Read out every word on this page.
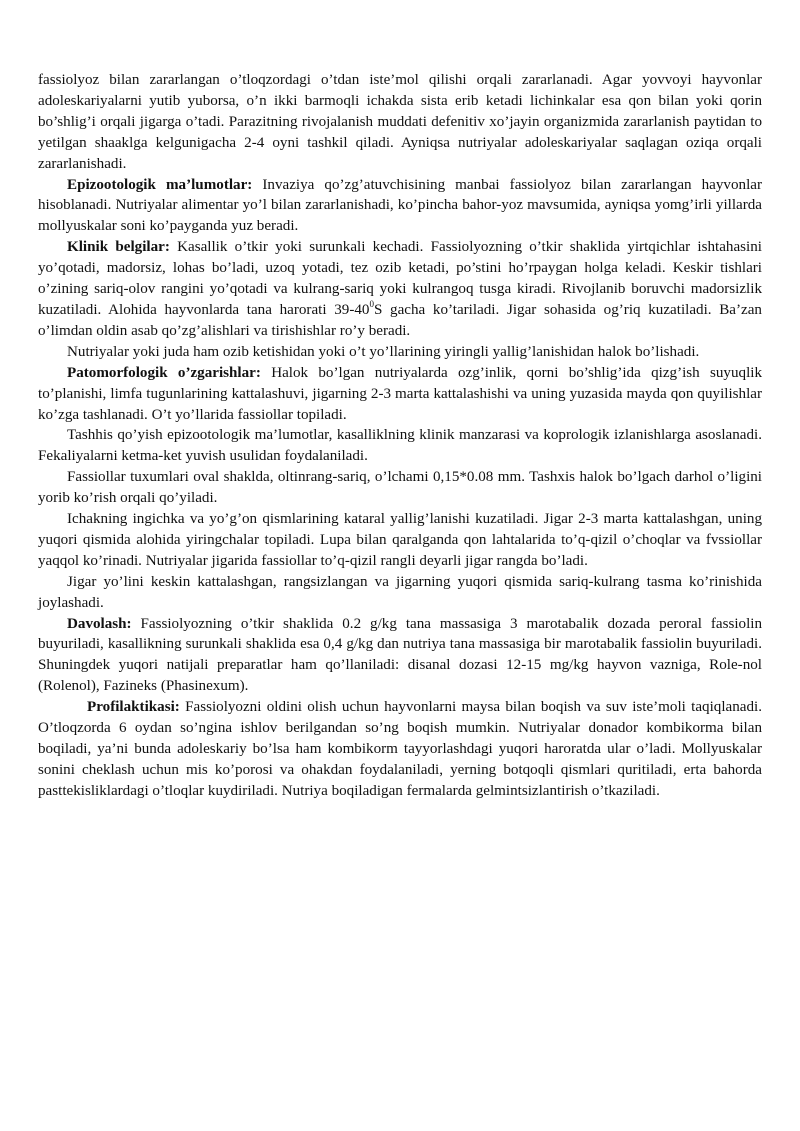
fassiolyoz bilan zararlangan o’tloqzordagi o’tdan iste’mol qilishi orqali zararlanadi. Agar yovvoyi hayvonlar adoleskariyalarni yutib yuborsa, o’n ikki barmoqli ichakda sista erib ketadi lichinkalar esa qon bilan yoki qorin bo’shlig’i orqali jigarga o’tadi. Parazitning rivojalanish muddati defenitiv xo’jayin organizmida zararlanish paytidan to yetilgan shaaklga kelgunigacha 2-4 oyni tashkil qiladi. Ayniqsa nutriyalar adoleskariyalar saqlagan oziqa orqali zararlanishadi.

Epizootologik ma’lumotlar: Invaziya qo’zg’atuvchisining manbai fassiolyoz bilan zararlangan hayvonlar hisoblanadi. Nutriyalar alimentar yo’l bilan zararlanishadi, ko’pincha bahor-yoz mavsumida, ayniqsa yomg’irli yillarda mollyuskalar soni ko’payganda yuz beradi.

Klinik belgilar: Kasallik o’tkir yoki surunkali kechadi. Fassiolyozning o’tkir shaklida yirtqichlar ishtahasini yo’qotadi, madorsiz, lohas bo’ladi, uzoq yotadi, tez ozib ketadi, po’stini ho’rpaygan holga keladi. Keskir tishlari o’zining sariq-olov rangini yo’qotadi va kulrang-sariq yoki kulrangoq tusga kiradi. Rivojlanib boruvchi madorsizlik kuzatiladi. Alohida hayvonlarda tana harorati $39-40^0S$ gacha ko’tariladi. Jigar sohasida og’riq kuzatiladi. Ba’zan o’limdan oldin asab qo’zg’alishlari va tirishishlar ro’y beradi.

Nutriyalar yoki juda ham ozib ketishidan yoki o’t yo’llarining yiringli yallig’lanishidan halok bo’lishadi.

Patomorfologik o’zgarishlar: Halok bo’lgan nutriyalarda ozg’inlik, qorni bo’shlig’ida qizg’ish suyuqlik to’planishi, limfa tugunlarining kattalashuvi, jigarning 2-3 marta kattalashishi va uning yuzasida mayda qon quyilishlar ko’zga tashlanadi. O’t yo’llarida fassiollar topiladi.

Tashhis qo’yish epizootologik ma’lumotlar, kasalliklning klinik manzarasi va koprologik izlanishlarga asoslanadi. Fekaliyalarni ketma-ket yuvish usulidan foydalaniladi.

Fassiollar tuxumlari oval shaklda, oltinrang-sariq, o’lchami 0,15*0.08 mm. Tashxis halok bo’lgach darhol o’ligini yorib ko’rish orqali qo’yiladi.

Ichakning ingichka va yo’g’on qismlarining kataral yallig’lanishi kuzatiladi. Jigar 2-3 marta kattalashgan, uning yuqori qismida alohida yiringchalar topiladi. Lupa bilan qaralganda qon lahtalarida to’q-qizil o’choqlar va fvssiollar yaqqol ko’rinadi. Nutriyalar jigarida fassiollar to’q-qizil rangli deyarli jigar rangda bo’ladi.

Jigar yo’lini keskin kattalashgan, rangsizlangan va jigarning yuqori qismida sariq-kulrang tasma ko’rinishida joylashadi.

Davolash: Fassiolyozning o’tkir shaklida 0.2 g/kg tana massasiga 3 marotabalik dozada peroral fassiolin buyuriladi, kasallikning surunkali shaklida esa 0,4 g/kg dan nutriya tana massasiga bir marotabalik fassiolin buyuriladi. Shuningdek yuqori natijali preparatlar ham qo’llaniladi: disanal dozasi 12-15 mg/kg hayvon vazniga, Role-nol (Rolenol), Fazineks (Phasinexum).

Profilaktikasi: Fassiolyozni oldini olish uchun hayvonlarni maysa bilan boqish va suv iste’moli taqiqlanadi. O’tloqzorda 6 oydan so’ngina ishlov berilgandan so’ng boqish mumkin. Nutriyalar donador kombikorma bilan boqiladi, ya’ni bunda adoleskariy bo’lsa ham kombikorm tayyorlashdagi yuqori haroratda ular o’ladi. Mollyuskalar sonini cheklash uchun mis ko’porosi va ohakdan foydalaniladi, yerning botqoqli qismlari quritiladi, erta bahorda pasttekisliklardagi o’tloqlar kuydiriladi. Nutriya boqiladigan fermalarda gelmintsizlantirish o’tkaziladi.
